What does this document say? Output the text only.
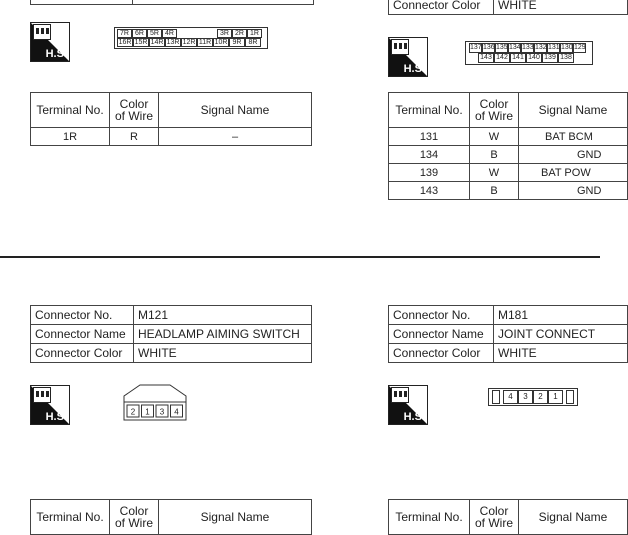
H.S.
7R 6R 5R 4R	3R 2R 1R
16R 15R 14R 13R 12R 11R 10R 9R	8R
Terminal No.	Color of Wire	Signal Name
1R	R	–
Connector Color	WHITE
H.S.
137 136 135 134 133 132 131 130 129
143 142 141 140 139 138
Terminal No.	Color of Wire	Signal Name
131	W	BAT BCM
134	B	GND
139	W	BAT POW
143	B	GND
Connector No.	M121
Connector Name	HEADLAMP AIMING SWITCH
Connector Color	WHITE
H.S.	2 1 3 4
Terminal No.	Color of Wire	Signal Name
Connector No.	M181
Connector Name	JOINT CONNECT
Connector Color	WHITE
H.S.
4	3	2	1
Terminal No.	Color of Wire	Signal Name
